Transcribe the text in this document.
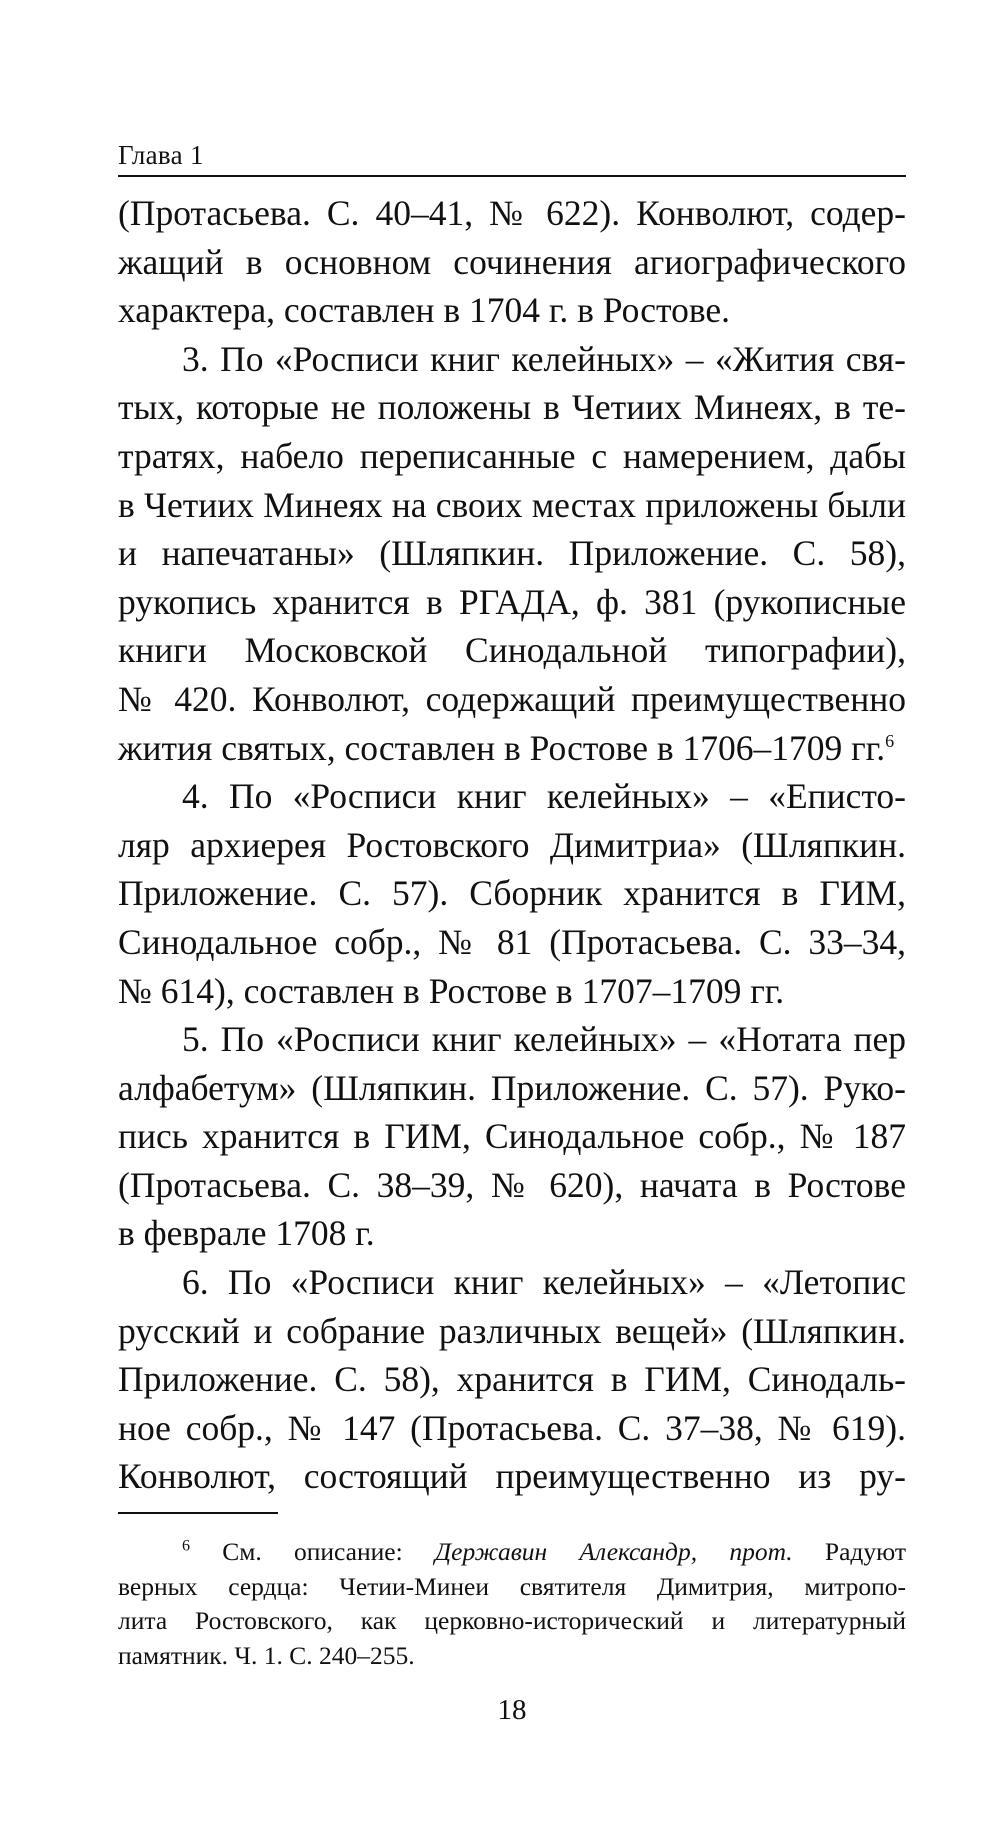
Глава 1
(Протасьева. С. 40–41, № 622). Конволют, содер-
жащий в основном сочинения агиографического
характера, составлен в 1704 г. в Ростове.
3. По «Росписи книг келейных» – «Жития свя-
тых, которые не положены в Четиих Минеях, в те-
тратях, набело переписанные с намерением, дабы
в Четиих Минеях на своих местах приложены были
и напечатаны» (Шляпкин. Приложение. С. 58),
рукопись хранится в РГАДА, ф. 381 (рукописные
книги Московской Синодальной типографии),
№ 420. Конволют, содержащий преимущественно
жития святых, составлен в Ростове в 1706–1709 гг.$^6$
4. По «Росписи книг келейных» – «Еписто-
ляр архиерея Ростовского Димитриа» (Шляпкин.
Приложение. С. 57). Сборник хранится в ГИМ,
Синодальное собр., № 81 (Протасьева. С. 33–34,
№ 614), составлен в Ростове в 1707–1709 гг.
5. По «Росписи книг келейных» – «Нотата пер
алфабетум» (Шляпкин. Приложение. С. 57). Руко-
пись хранится в ГИМ, Синодальное собр., № 187
(Протасьева. С. 38–39, № 620), начата в Ростове
в феврале 1708 г.
6. По «Росписи книг келейных» – «Летопис
русский и собрание различных вещей» (Шляпкин.
Приложение. С. 58), хранится в ГИМ, Синодаль-
ное собр., № 147 (Протасьева. С. 37–38, № 619).
Конволют, состоящий преимущественно из ру-
$^6$ См. описание: Державин Александр, прот. Радуют
верных сердца: Четии-Минеи святителя Димитрия, митропо-
лита Ростовского, как церковно-исторический и литературный
памятник. Ч. 1. С. 240–255.
18
